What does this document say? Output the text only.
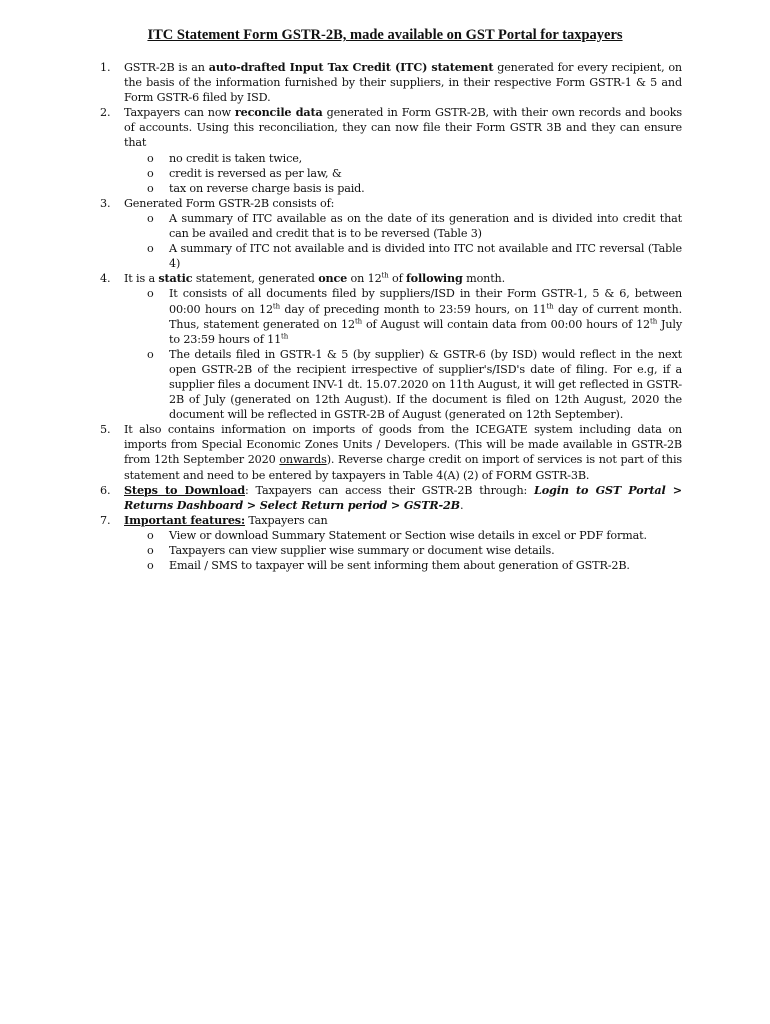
ITC Statement Form GSTR-2B, made available on GST Portal for taxpayers
1.	GSTR-2B is an auto-drafted Input Tax Credit (ITC) statement generated for every recipient, on the basis of the information furnished by their suppliers, in their respective Form GSTR-1 & 5 and Form GSTR-6 filed by ISD.
2.	Taxpayers can now reconcile data generated in Form GSTR-2B, with their own records and books of accounts. Using this reconciliation, they can now file their Form GSTR 3B and they can ensure that
o no credit is taken twice,
o credit is reversed as per law, &
o tax on reverse charge basis is paid.
3.	Generated Form GSTR-2B consists of:
o A summary of ITC available as on the date of its generation and is divided into credit that can be availed and credit that is to be reversed (Table 3)
o A summary of ITC not available and is divided into ITC not available and ITC reversal (Table 4)
4.	It is a static statement, generated once on 12th of following month.
o It consists of all documents filed by suppliers/ISD in their Form GSTR-1, 5 & 6, between 00:00 hours on 12th day of preceding month to 23:59 hours, on 11th day of current month. Thus, statement generated on 12th of August will contain data from 00:00 hours of 12th July to 23:59 hours of 11th
o The details filed in GSTR-1 & 5 (by supplier) & GSTR-6 (by ISD) would reflect in the next open GSTR-2B of the recipient irrespective of supplier's/ISD's date of filing. For e.g, if a supplier files a document INV-1 dt. 15.07.2020 on 11th August, it will get reflected in GSTR-2B of July (generated on 12th August). If the document is filed on 12th August, 2020 the document will be reflected in GSTR-2B of August (generated on 12th September).
5.	It also contains information on imports of goods from the ICEGATE system including data on imports from Special Economic Zones Units / Developers. (This will be made available in GSTR-2B from 12th September 2020 onwards). Reverse charge credit on import of services is not part of this statement and need to be entered by taxpayers in Table 4(A) (2) of FORM GSTR-3B.
6.	Steps to Download: Taxpayers can access their GSTR-2B through: Login to GST Portal > Returns Dashboard > Select Return period > GSTR-2B.
7.	Important features: Taxpayers can
o View or download Summary Statement or Section wise details in excel or PDF format.
o Taxpayers can view supplier wise summary or document wise details.
o Email / SMS to taxpayer will be sent informing them about generation of GSTR-2B.
